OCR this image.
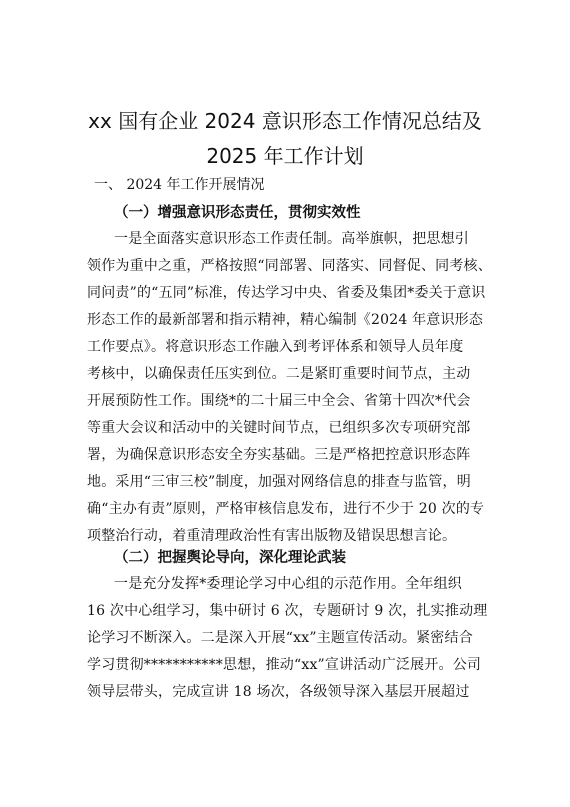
xx 国有企业 2024 意识形态工作情况总结及
2025 年工作计划
一、 2024 年工作开展情况
（一）增强意识形态责任，贯彻实效性
一是全面落实意识形态工作责任制。高举旗帜，把思想引
领作为重中之重，严格按照“同部署、同落实、同督促、同考核、
同问责”的“五同”标准，传达学习中央、省委及集团*委关于意识
形态工作的最新部署和指示精神，精心编制《2024 年意识形态
工作要点》。将意识形态工作融入到考评体系和领导人员年度
考核中，以确保责任压实到位。二是紧盯重要时间节点，主动
开展预防性工作。围绕*的二十届三中全会、省第十四次*代会
等重大会议和活动中的关键时间节点，已组织多次专项研究部
署，为确保意识形态安全夯实基础。三是严格把控意识形态阵
地。采用“三审三校”制度，加强对网络信息的排查与监管，明
确“主办有责”原则，严格审核信息发布，进行不少于 20 次的专
项整治行动，着重清理政治性有害出版物及错误思想言论。
（二）把握舆论导向，深化理论武装
一是充分发挥*委理论学习中心组的示范作用。全年组织
16 次中心组学习，集中研讨 6 次，专题研讨 9 次，扎实推动理
论学习不断深入。二是深入开展“xx”主题宣传活动。紧密结合
学习贯彻***********思想，推动“xx”宣讲活动广泛展开。公司
领导层带头，完成宣讲 18 场次，各级领导深入基层开展超过
